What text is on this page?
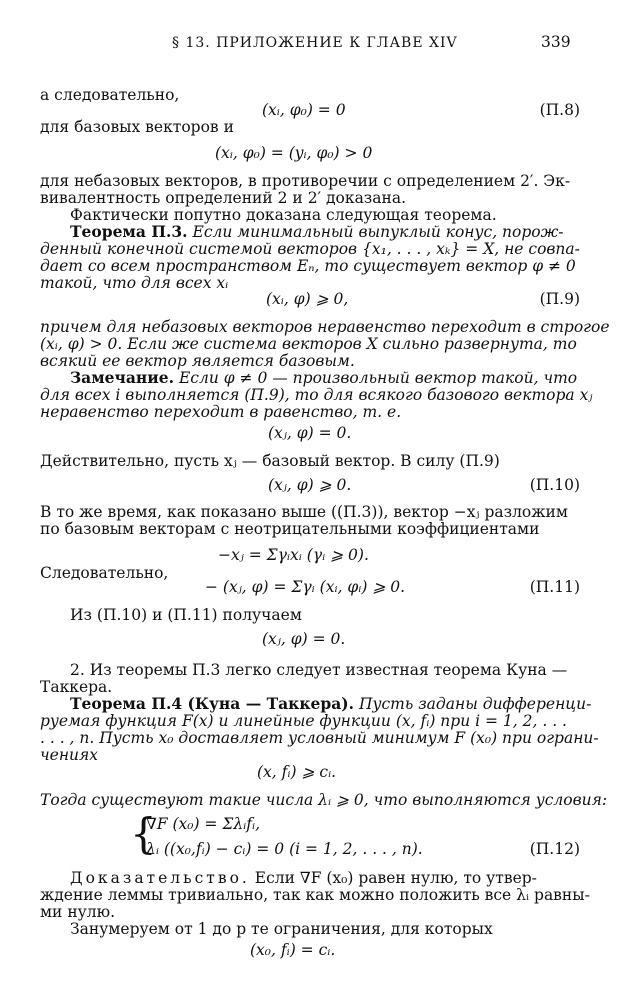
§ 13. ПРИЛОЖЕНИЕ К ГЛАВЕ XIV	339
а следовательно,
(xᵢ, φ₀) = 0	(П.8)
для базовых векторов и
(xᵢ, φ₀) = (yᵢ, φ₀) > 0
для небазовых векторов, в противоречии с определением 2′. Эк-
вивалентность определений 2 и 2′ доказана.
Фактически попутно доказана следующая теорема.
Теорема П.3. Если минимальный выпуклый конус, порож-
денный конечной системой векторов {x₁, . . . , xₖ} = X, не совпа-
дает со всем пространством Eₙ, то существует вектор φ ≠ 0
такой, что для всех xᵢ
(xᵢ, φ) ⩾ 0,	(П.9)
причем для небазовых векторов неравенство переходит в строгое
(xᵢ, φ) > 0. Если же система векторов X сильно развернута, то
всякий ее вектор является базовым.
Замечание. Если φ ≠ 0 — произвольный вектор такой, что
для всех i выполняется (П.9), то для всякого базового вектора xⱼ
неравенство переходит в равенство, т. е.
(xⱼ, φ) = 0.
Действительно, пусть xⱼ — базовый вектор. В силу (П.9)
(xⱼ, φ) ⩾ 0.	(П.10)
В то же время, как показано выше ((П.3)), вектор −xⱼ разложим
по базовым векторам с неотрицательными коэффициентами
−xⱼ = Σγᵢxᵢ (γᵢ ⩾ 0).
Следовательно,
− (xⱼ, φ) = Σγᵢ (xᵢ, φᵢ) ⩾ 0.	(П.11)
Из (П.10) и (П.11) получаем
(xⱼ, φ) = 0.
2. Из теоремы П.3 легко следует известная теорема Куна —
Таккера.
Теорема П.4 (Куна — Таккера). Пусть заданы дифференци-
руемая функция F(x) и линейные функции (x, fᵢ) при i = 1, 2, . . .
. . . , n. Пусть x₀ доставляет условный минимум F (x₀) при ограни-
чениях
(x, fᵢ) ⩾ cᵢ.
Тогда существуют такие числа λᵢ ⩾ 0, что выполняются условия:
{
∇F (x₀) = Σλᵢfᵢ,
λᵢ ((x₀,fᵢ) − cᵢ) = 0 (i = 1, 2, . . . , n).	(П.12)
Доказательство. Если ∇F (x₀) равен нулю, то утвер-
ждение леммы тривиально, так как можно положить все λᵢ равны-
ми нулю.
Занумеруем от 1 до p те ограничения, для которых
(x₀, fᵢ) = cᵢ.
